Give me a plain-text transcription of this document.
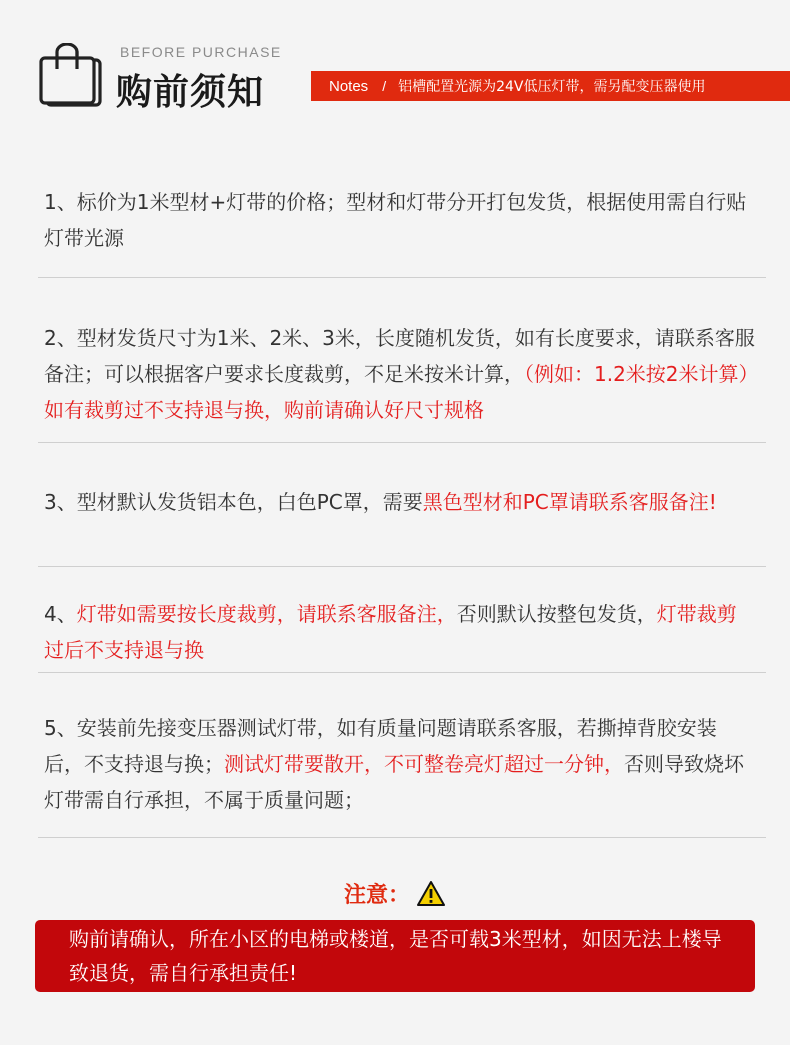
BEFORE PURCHASE
购前须知	Notes / 铝槽配置光源为24V低压灯带，需另配变压器使用
1、标价为1米型材+灯带的价格；型材和灯带分开打包发货，根据使用需自行贴灯带光源
2、型材发货尺寸为1米、2米、3米，长度随机发货，如有长度要求，请联系客服备注；可以根据客户要求长度裁剪，不足米按米计算，（例如：1.2米按2米计算）如有裁剪过不支持退与换，购前请确认好尺寸规格
3、型材默认发货铝本色，白色PC罩，需要黑色型材和PC罩请联系客服备注!
4、灯带如需要按长度裁剪，请联系客服备注，否则默认按整包发货，灯带裁剪过后不支持退与换
5、安装前先接变压器测试灯带，如有质量问题请联系客服，若撕掉背胶安装后，不支持退与换；测试灯带要散开，不可整卷亮灯超过一分钟，否则导致烧坏灯带需自行承担，不属于质量问题；
注意：
购前请确认，所在小区的电梯或楼道，是否可载3米型材，如因无法上楼导致退货，需自行承担责任!
